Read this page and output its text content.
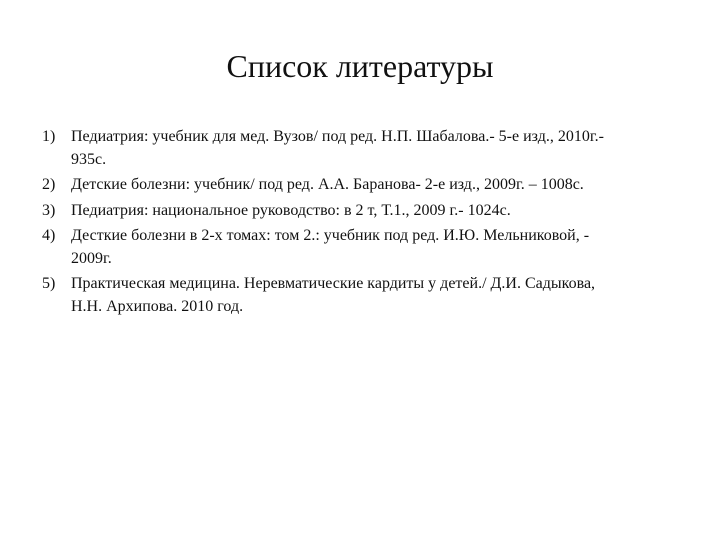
Список литературы
1) Педиатрия: учебник для мед. Вузов/ под ред. Н.П. Шабалова.- 5-е изд., 2010г.-
935с.
2) Детские болезни: учебник/ под ред. А.А. Баранова- 2-е изд., 2009г. – 1008с.
3) Педиатрия: национальное руководство: в 2 т, Т.1., 2009 г.- 1024с.
4) Десткие болезни в 2-х томах: том 2.: учебник под ред. И.Ю. Мельниковой, -
2009г.
5) Практическая медицина. Неревматические кардиты у детей./ Д.И. Садыкова,
Н.Н. Архипова. 2010 год.
